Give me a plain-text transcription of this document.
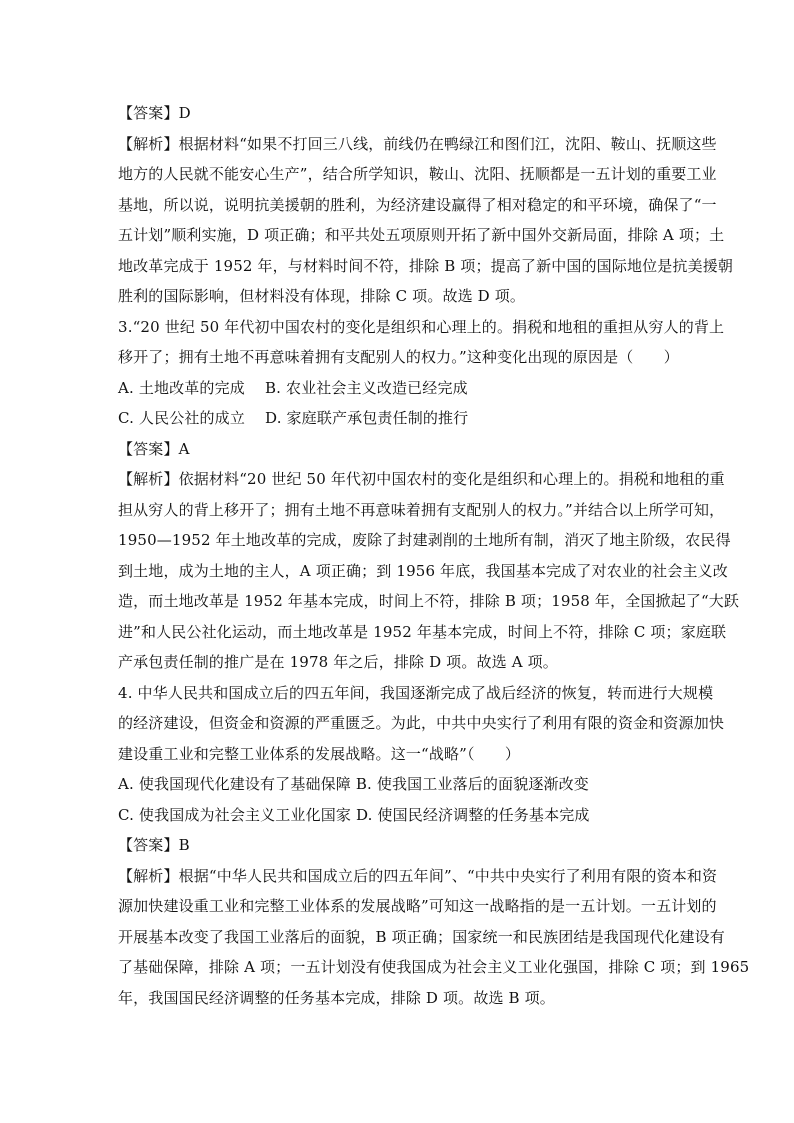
【答案】D

【解析】根据材料“如果不打回三八线，前线仍在鸭绿江和图们江，沈阳、鞍山、抚顺这些

地方的人民就不能安心生产”，结合所学知识，鞍山、沈阳、抚顺都是一五计划的重要工业

基地，所以说，说明抗美援朝的胜利，为经济建设赢得了相对稳定的和平环境，确保了“一

五计划”顺利实施，D 项正确；和平共处五项原则开拓了新中国外交新局面，排除 A 项；土

地改革完成于 1952 年，与材料时间不符，排除 B 项；提高了新中国的国际地位是抗美援朝

胜利的国际影响，但材料没有体现，排除 C 项。故选 D 项。

3.“20 世纪 50 年代初中国农村的变化是组织和心理上的。捐税和地租的重担从穷人的背上

移开了；拥有土地不再意味着拥有支配别人的权力。”这种变化出现的原因是（　　）

A. 土地改革的完成　 B. 农业社会主义改造已经完成

C. 人民公社的成立　 D. 家庭联产承包责任制的推行

【答案】A

【解析】依据材料“20 世纪 50 年代初中国农村的变化是组织和心理上的。捐税和地租的重

担从穷人的背上移开了；拥有土地不再意味着拥有支配别人的权力。”并结合以上所学可知，

1950—1952 年土地改革的完成，废除了封建剥削的土地所有制，消灭了地主阶级，农民得

到土地，成为土地的主人，A 项正确；到 1956 年底，我国基本完成了对农业的社会主义改

造，而土地改革是 1952 年基本完成，时间上不符，排除 B 项；1958 年，全国掀起了“大跃

进”和人民公社化运动，而土地改革是 1952 年基本完成，时间上不符，排除 C 项；家庭联

产承包责任制的推广是在 1978 年之后，排除 D 项。故选 A 项。

4. 中华人民共和国成立后的四五年间，我国逐渐完成了战后经济的恢复，转而进行大规模

的经济建设，但资金和资源的严重匮乏。为此，中共中央实行了利用有限的资金和资源加快

建设重工业和完整工业体系的发展战略。这一“战略”（　　）

A. 使我国现代化建设有了基础保障 B. 使我国工业落后的面貌逐渐改变

C. 使我国成为社会主义工业化国家 D. 使国民经济调整的任务基本完成

【答案】B

【解析】根据“中华人民共和国成立后的四五年间”、“中共中央实行了利用有限的资本和资

源加快建设重工业和完整工业体系的发展战略”可知这一战略指的是一五计划。一五计划的

开展基本改变了我国工业落后的面貌，B 项正确；国家统一和民族团结是我国现代化建设有

了基础保障，排除 A 项；一五计划没有使我国成为社会主义工业化强国，排除 C 项；到 1965

年，我国国民经济调整的任务基本完成，排除 D 项。故选 B 项。
